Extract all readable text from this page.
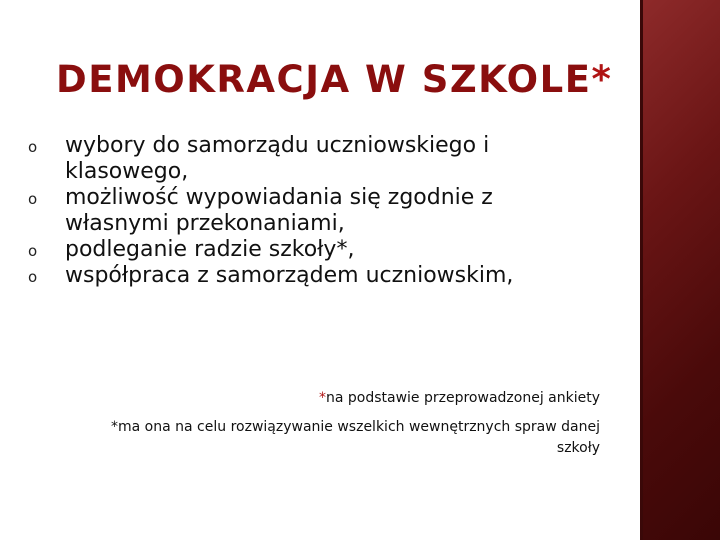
DEMOKRACJA W SZKOLE*
o wybory do samorządu uczniowskiego i klasowego,
o możliwość wypowiadania się zgodnie z własnymi przekonaniami,
o podleganie radzie szkoły*,
o współpraca z samorządem uczniowskim,

*na podstawie przeprowadzonej ankiety

*ma ona na celu rozwiązywanie wszelkich wewnętrznych spraw danej szkoły
